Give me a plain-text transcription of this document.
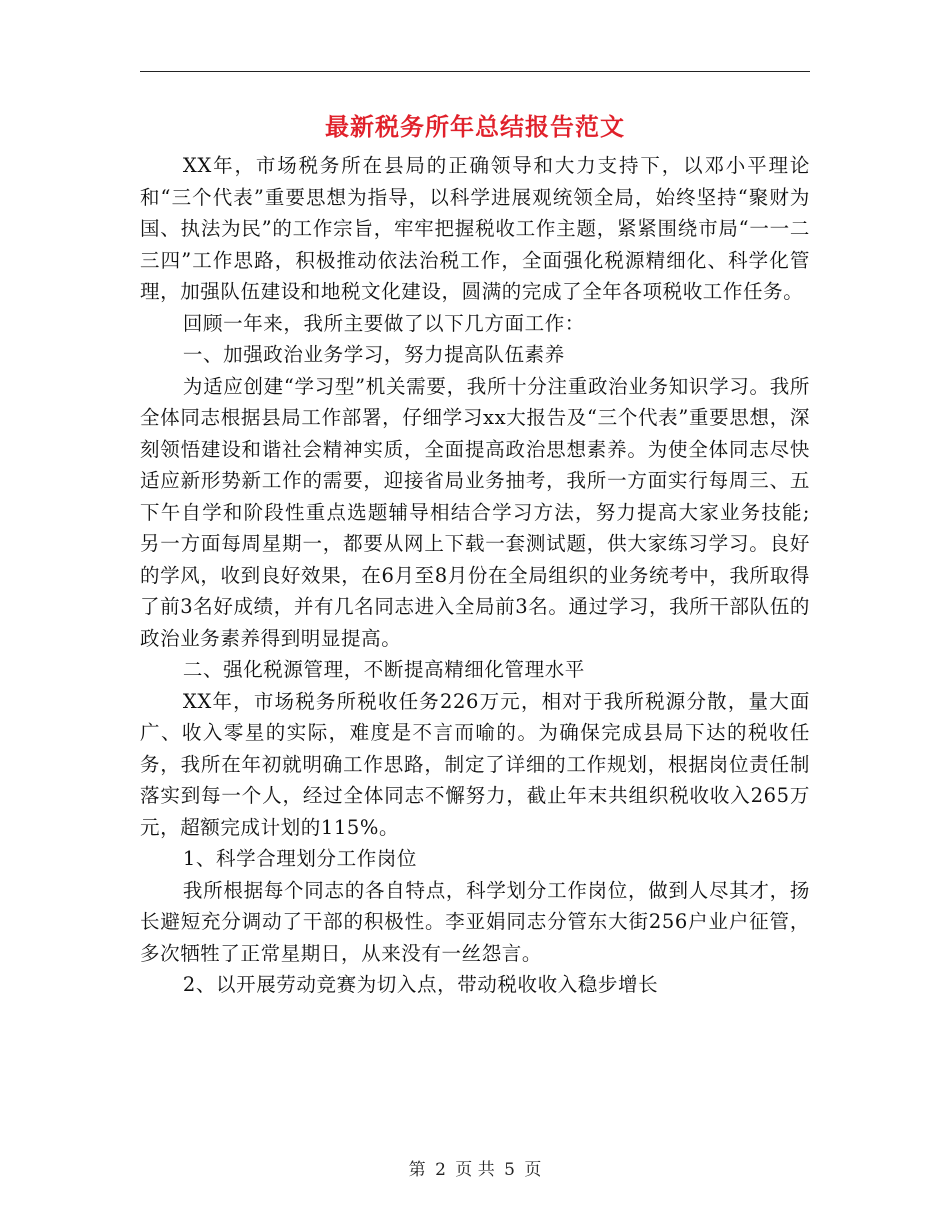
最新税务所年总结报告范文

XX年，市场税务所在县局的正确领导和大力支持下，以邓小平理论和“三个代表”重要思想为指导，以科学进展观统领全局，始终坚持“聚财为国、执法为民”的工作宗旨，牢牢把握税收工作主题，紧紧围绕市局“一一二三四”工作思路，积极推动依法治税工作，全面强化税源精细化、科学化管理，加强队伍建设和地税文化建设，圆满的完成了全年各项税收工作任务。

回顾一年来，我所主要做了以下几方面工作：

一、加强政治业务学习，努力提高队伍素养

为适应创建“学习型”机关需要，我所十分注重政治业务知识学习。我所全体同志根据县局工作部署，仔细学习xx大报告及“三个代表”重要思想，深刻领悟建设和谐社会精神实质，全面提高政治思想素养。为使全体同志尽快适应新形势新工作的需要，迎接省局业务抽考，我所一方面实行每周三、五下午自学和阶段性重点选题辅导相结合学习方法，努力提高大家业务技能;另一方面每周星期一，都要从网上下载一套测试题，供大家练习学习。良好的学风，收到良好效果，在6月至8月份在全局组织的业务统考中，我所取得了前3名好成绩，并有几名同志进入全局前3名。通过学习，我所干部队伍的政治业务素养得到明显提高。

二、强化税源管理，不断提高精细化管理水平

XX年，市场税务所税收任务226万元，相对于我所税源分散，量大面广、收入零星的实际，难度是不言而喻的。为确保完成县局下达的税收任务，我所在年初就明确工作思路，制定了详细的工作规划，根据岗位责任制落实到每一个人，经过全体同志不懈努力，截止年末共组织税收收入265万元，超额完成计划的115%。

1、科学合理划分工作岗位

我所根据每个同志的各自特点，科学划分工作岗位，做到人尽其才，扬长避短充分调动了干部的积极性。李亚娟同志分管东大街256户业户征管，多次牺牲了正常星期日，从来没有一丝怨言。

2、以开展劳动竞赛为切入点，带动税收收入稳步增长

第 2 页 共 5 页
